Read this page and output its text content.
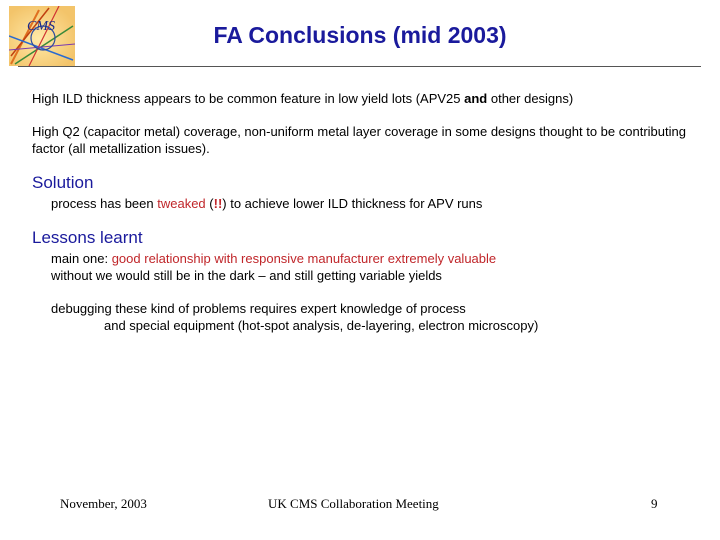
CMS	FA Conclusions (mid 2003)
High ILD thickness appears to be common feature in low yield lots (APV25 and other designs)
High Q2 (capacitor metal) coverage, non-uniform metal layer coverage in some designs thought to be contributing factor (all metallization issues).
Solution
process has been tweaked (!!) to achieve lower ILD thickness for APV runs
Lessons learnt
main one: good relationship with responsive manufacturer extremely valuable
without we would still be in the dark – and still getting variable yields
debugging these kind of problems requires expert knowledge of process
and special equipment (hot-spot analysis, de-layering, electron microscopy)
November, 2003	UK CMS Collaboration Meeting	9
